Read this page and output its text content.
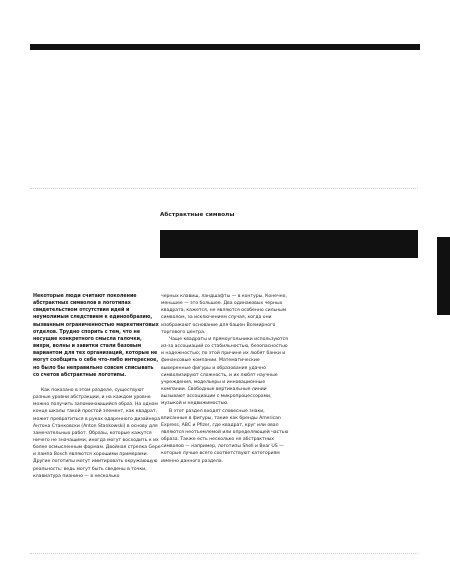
Абстрактные символы

Некоторые люди считают поколение абстрактных символов в логотипах свидетельством отсутствия идей и неумолимым следствием к единообразию, вызванным ограниченностью маркетинговых отделов. Трудно спорить с тем, что не несущие конкретного смысла галочки, вихри, волны и завитки стали базовым вариантом для тех организаций, которые не могут сообщить о себе что-либо интересное, но было бы неправильно совсем списывать со счетов абстрактные логотипы.

Как показано в этом разделе, существуют разные уровни абстракции, и на каждом уровне можно получить запоминающийся образ. На одном конце шкалы такой простой элемент, как квадрат, может превратиться в руках одаренного дизайнера Антона Станковски (Anton Stankowski) в основу для замечательных работ. Образы, которые кажутся ничего не значащими, иногда могут восходить к их более осмысленным формам. Двойная стрелка Gepe и лампа Bosch являются хорошими примерами. Другие логотипы могут имитировать окружающую реальность: ведь могут быть сведены в точки, клавиатура пианино — в несколько

черных клавиш, ландшафты — в контуры. Конечно, меньшее — это большее. Два одинаковых черных квадрата, кажется, не являются особенно сильным символом, за исключением случая, когда они изображают основание для башен Всемирного торгового центра.

Чаще квадраты и прямоугольники используются из-за ассоциаций со стабильностью, безопасностью и надежностью; по этой причине их любят банки и финансовые компании. Математические выверенные фигуры и образования удачно символизируют сложность, и их любят научные учреждения, модельеры и инновационные компании. Свободные вертикальные линии вызывают ассоциации с микропроцессорами, музыкой и недвижимостью.

В этот раздел входят словесные знаки, вписанные в фигуры, такие как бренды American Express, ABC и Pfizer, где квадрат, круг или овал являются неотъемлемой или определяющей частью образа. Также есть несколько не абстрактных символов — например, логотипы Shell и Bear US — которые лучше всего соответствуют категориям именно данного раздела.
